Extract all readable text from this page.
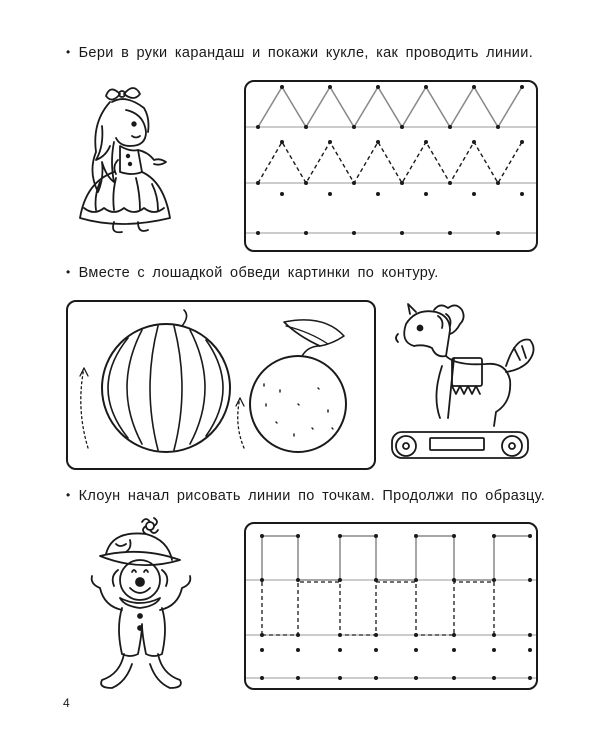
• Бери в руки карандаш и покажи кукле, как проводить линии.
• Вместе с лошадкой обведи картинки по контуру.
• Клоун начал рисовать линии по точкам. Продолжи по образцу.
4
